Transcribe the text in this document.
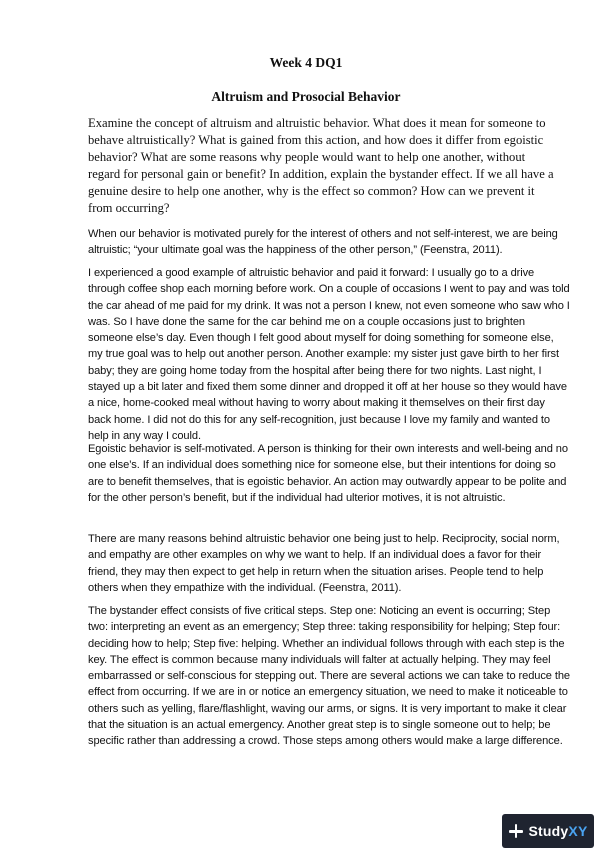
Week 4 DQ1
Altruism and Prosocial Behavior

Examine the concept of altruism and altruistic behavior. What does it mean for someone to behave altruistically? What is gained from this action, and how does it differ from egoistic behavior? What are some reasons why people would want to help one another, without regard for personal gain or benefit? In addition, explain the bystander effect. If we all have a genuine desire to help one another, why is the effect so common? How can we prevent it from occurring?

When our behavior is motivated purely for the interest of others and not self-interest, we are being altruistic; “your ultimate goal was the happiness of the other person,” (Feenstra, 2011).

I experienced a good example of altruistic behavior and paid it forward: I usually go to a drive through coffee shop each morning before work. On a couple of occasions I went to pay and was told the car ahead of me paid for my drink. It was not a person I knew, not even someone who saw who I was. So I have done the same for the car behind me on a couple occasions just to brighten someone else’s day. Even though I felt good about myself for doing something for someone else, my true goal was to help out another person. Another example: my sister just gave birth to her first baby; they are going home today from the hospital after being there for two nights. Last night, I stayed up a bit later and fixed them some dinner and dropped it off at her house so they would have a nice, home-cooked meal without having to worry about making it themselves on their first day back home. I did not do this for any self-recognition, just because I love my family and wanted to help in any way I could.

Egoistic behavior is self-motivated. A person is thinking for their own interests and well-being and no one else’s. If an individual does something nice for someone else, but their intentions for doing so are to benefit themselves, that is egoistic behavior. An action may outwardly appear to be polite and for the other person’s benefit, but if the individual had ulterior motives, it is not altruistic.

There are many reasons behind altruistic behavior one being just to help. Reciprocity, social norm, and empathy are other examples on why we want to help. If an individual does a favor for their friend, they may then expect to get help in return when the situation arises. People tend to help others when they empathize with the individual. (Feenstra, 2011).

The bystander effect consists of five critical steps. Step one: Noticing an event is occurring; Step two: interpreting an event as an emergency; Step three: taking responsibility for helping; Step four: deciding how to help; Step five: helping. Whether an individual follows through with each step is the key. The effect is common because many individuals will falter at actually helping. They may feel embarrassed or self-conscious for stepping out. There are several actions we can take to reduce the effect from occurring. If we are in or notice an emergency situation, we need to make it noticeable to others such as yelling, flare/flashlight, waving our arms, or signs. It is very important to make it clear that the situation is an actual emergency. Another great step is to single someone out to help; be specific rather than addressing a crowd. Those steps among others would make a large difference.

StudyXY
